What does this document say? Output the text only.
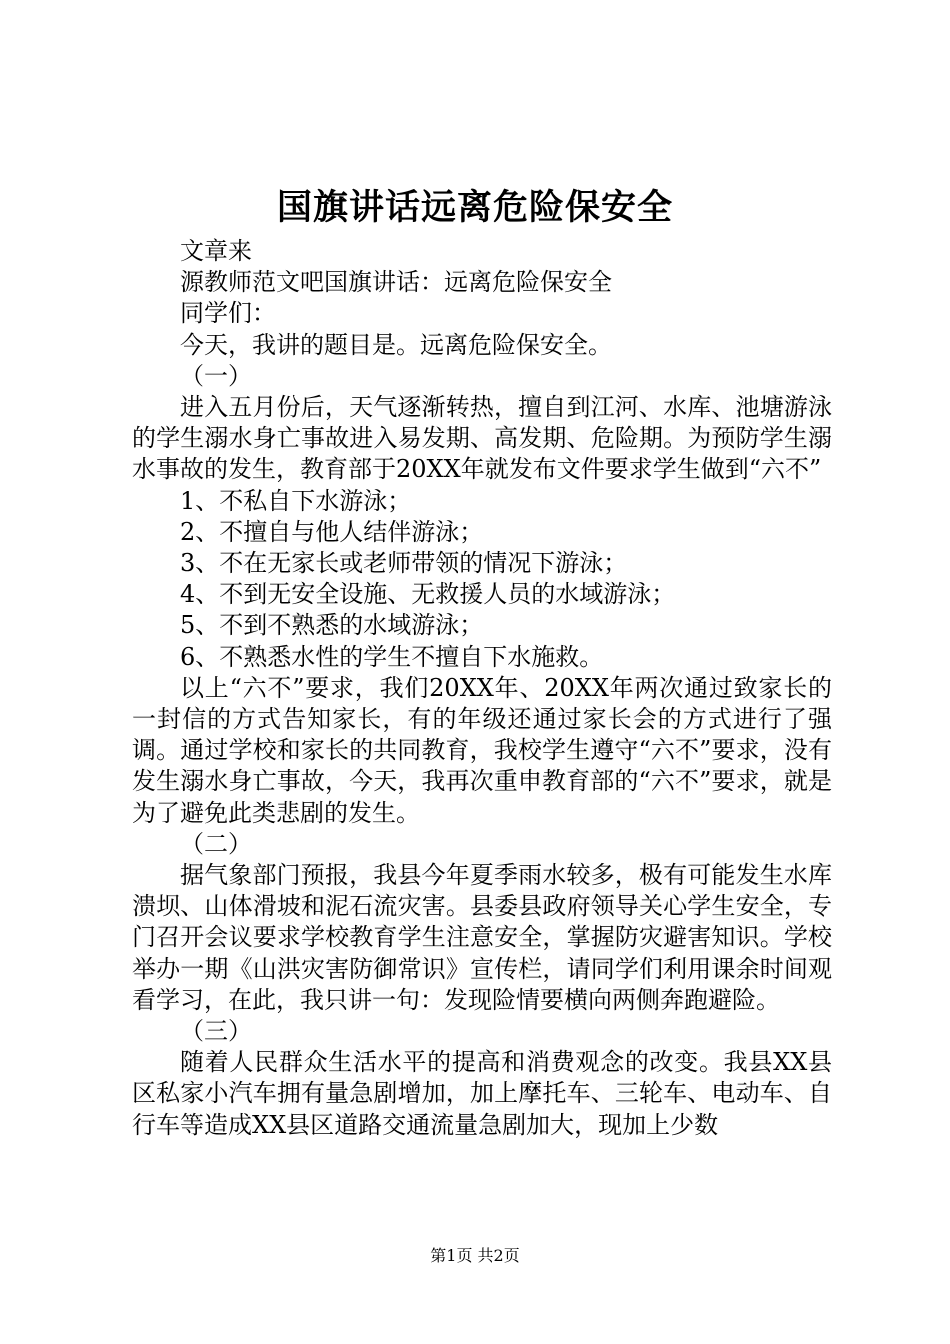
国旗讲话远离危险保安全

文章来

源教师范文吧国旗讲话：远离危险保安全

同学们：

今天，我讲的题目是。远离危险保安全。

（一）

进入五月份后，天气逐渐转热，擅自到江河、水库、池塘游泳的学生溺水身亡事故进入易发期、高发期、危险期。为预防学生溺水事故的发生，教育部于20XX年就发布文件要求学生做到“六不”

1、不私自下水游泳；

2、不擅自与他人结伴游泳；

3、不在无家长或老师带领的情况下游泳；

4、不到无安全设施、无救援人员的水域游泳；

5、不到不熟悉的水域游泳；

6、不熟悉水性的学生不擅自下水施救。

以上“六不”要求，我们20XX年、20XX年两次通过致家长的一封信的方式告知家长，有的年级还通过家长会的方式进行了强调。通过学校和家长的共同教育，我校学生遵守“六不”要求，没有发生溺水身亡事故，今天，我再次重申教育部的“六不”要求，就是为了避免此类悲剧的发生。

（二）

据气象部门预报，我县今年夏季雨水较多，极有可能发生水库溃坝、山体滑坡和泥石流灾害。县委县政府领导关心学生安全，专门召开会议要求学校教育学生注意安全，掌握防灾避害知识。学校举办一期《山洪灾害防御常识》宣传栏，请同学们利用课余时间观看学习，在此，我只讲一句：发现险情要横向两侧奔跑避险。

（三）

随着人民群众生活水平的提高和消费观念的改变。我县XX县区私家小汽车拥有量急剧增加，加上摩托车、三轮车、电动车、自行车等造成XX县区道路交通流量急剧加大，现加上少数

第1页 共2页
